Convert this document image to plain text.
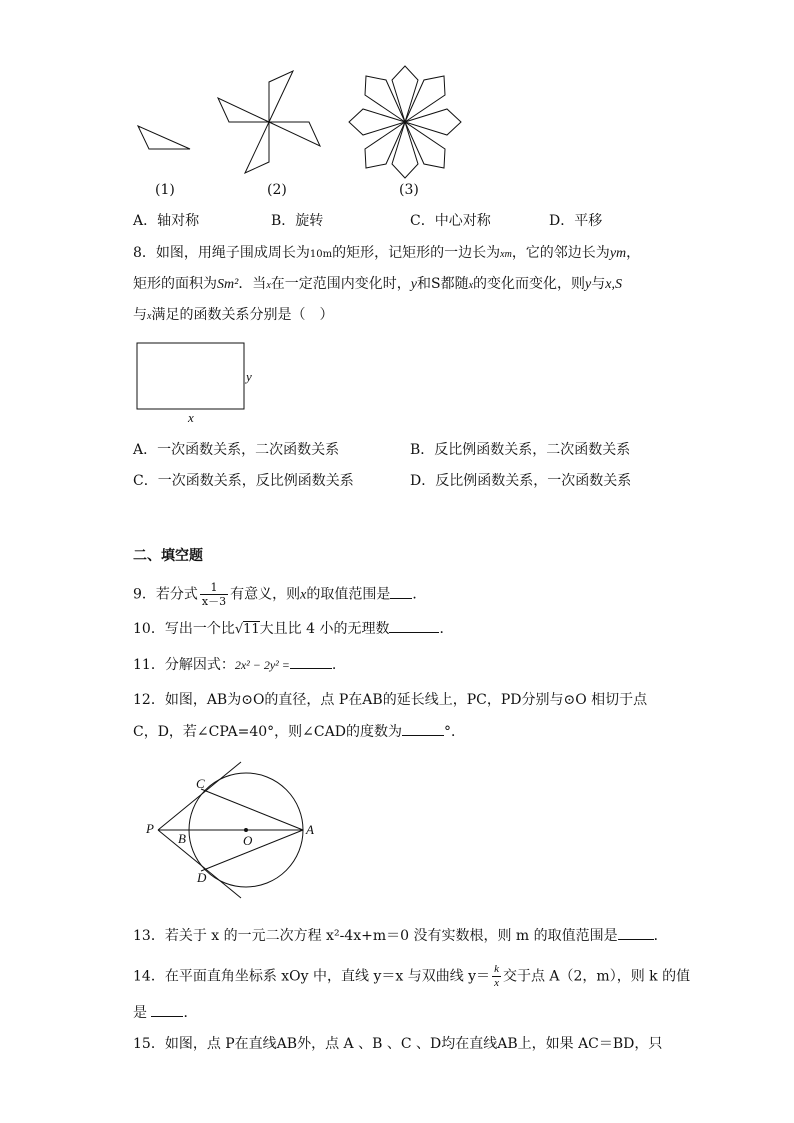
(1)	(2)	(3)
A．轴对称	B．旋转	C．中心对称	D．平移
8．如图，用绳子围成周长为10m的矩形，记矩形的一边长为xm，它的邻边长为ym，
矩形的面积为Sm²．当x在一定范围内变化时，y和S都随x的变化而变化，则y与x,S
与x满足的函数关系分别是（　）
y
x
A．一次函数关系，二次函数关系	B．反比例函数关系，二次函数关系
C．一次函数关系，反比例函数关系	D．反比例函数关系，一次函数关系
二、填空题
9．若分式 $\frac{1}{x-3}$ 有意义，则x的取值范围是 ．
10．写出一个比√11大且比 4 小的无理数	．
11．分解因式：2x² − 2y² =	.
12．如图，AB为⊙O的直径，点 P在AB的延长线上，PC，PD分别与⊙O 相切于点
C，D，若∠CPA=40°，则∠CAD的度数为	°．
C
P
B	O
A
D
13．若关于 x 的一元二次方程 x²-4x+m＝0 没有实数根，则 m 的取值范围是	．
14．在平面直角坐标系 xOy 中，直线 y＝x 与双曲线 $y= \frac{k}{x}$ 交于点 A（2，m），则 k 的值
是	．
15．如图，点 P在直线AB外，点 A 、B 、C 、D均在直线AB上，如果 AC＝BD，只
